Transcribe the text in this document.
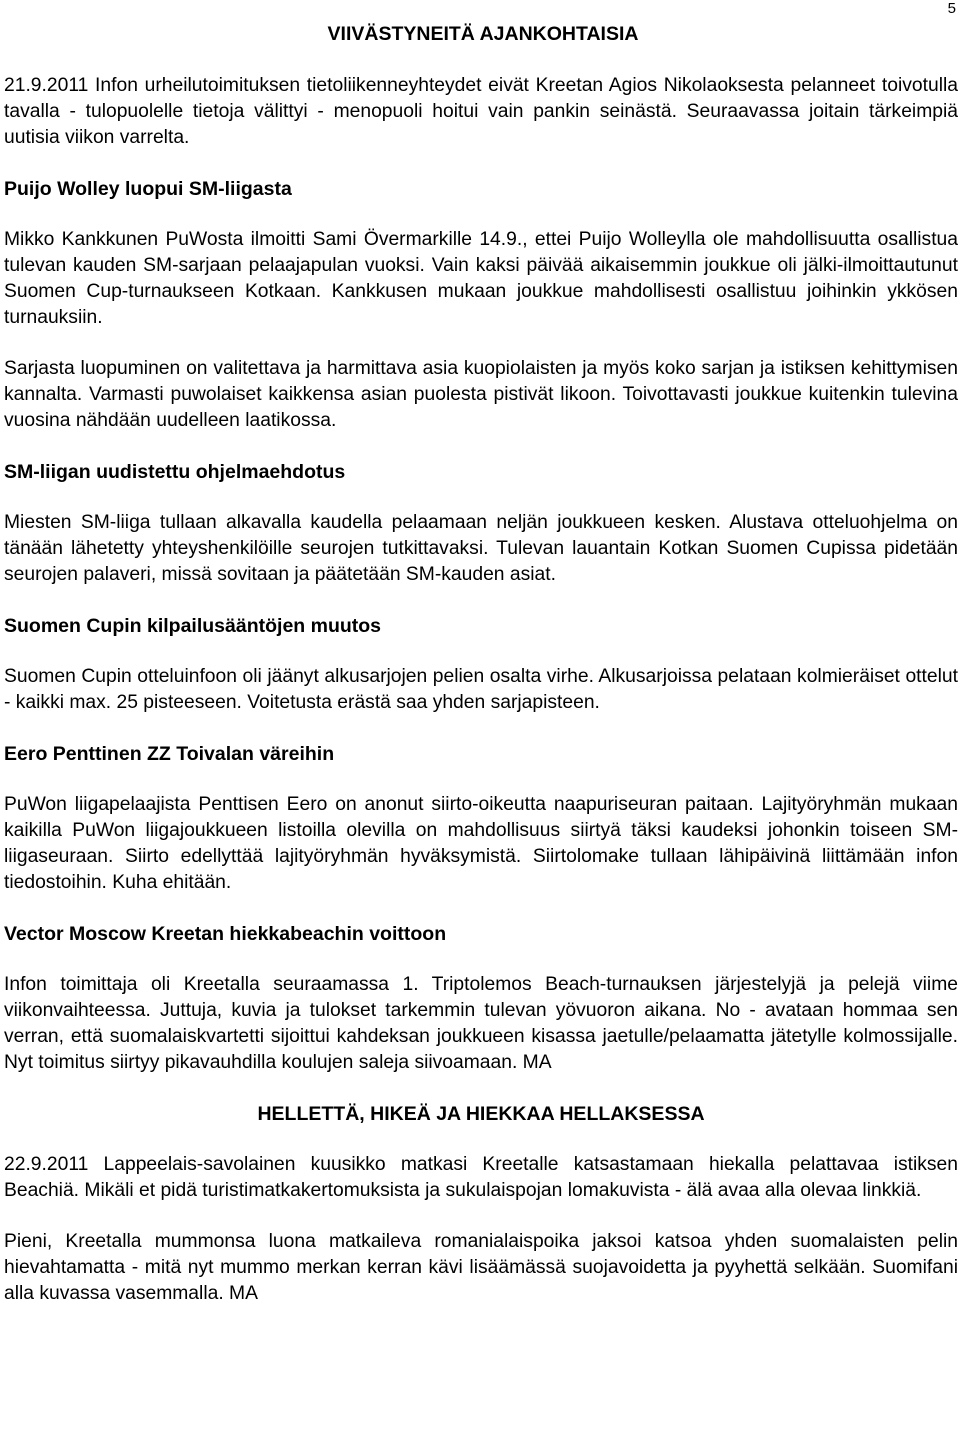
5
VIIVÄSTYNEITÄ AJANKOHTAISIA

21.9.2011 Infon urheilutoimituksen tietoliikenneyhteydet eivät Kreetan Agios Nikolaoksesta pelanneet toivotulla tavalla - tulopuolelle tietoja välittyi - menopuoli hoitui vain pankin seinästä. Seuraavassa joitain tärkeimpiä uutisia viikon varrelta.

Puijo Wolley luopui SM-liigasta

Mikko Kankkunen PuWosta ilmoitti Sami Övermarkille 14.9., ettei Puijo Wolleylla ole mahdollisuutta osallistua tulevan kauden SM-sarjaan pelaajapulan vuoksi. Vain kaksi päivää aikaisemmin joukkue oli jälki-ilmoittautunut Suomen Cup-turnaukseen Kotkaan. Kankkusen mukaan joukkue mahdollisesti osallistuu joihinkin ykkösen turnauksiin.

Sarjasta luopuminen on valitettava ja harmittava asia kuopiolaisten ja myös koko sarjan ja istiksen kehittymisen kannalta. Varmasti puwolaiset kaikkensa asian puolesta pistivät likoon. Toivottavasti joukkue kuitenkin tulevina vuosina nähdään uudelleen laatikossa.

SM-liigan uudistettu ohjelmaehdotus

Miesten SM-liiga tullaan alkavalla kaudella pelaamaan neljän joukkueen kesken. Alustava otteluohjelma on tänään lähetetty yhteyshenkilöille seurojen tutkittavaksi. Tulevan lauantain Kotkan Suomen Cupissa pidetään seurojen palaveri, missä sovitaan ja päätetään SM-kauden asiat.

Suomen Cupin kilpailusääntöjen muutos

Suomen Cupin otteluinfoon oli jäänyt alkusarjojen pelien osalta virhe. Alkusarjoissa pelataan kolmieräiset ottelut - kaikki max. 25 pisteeseen. Voitetusta erästä saa yhden sarjapisteen.

Eero Penttinen ZZ Toivalan väreihin

PuWon liigapelaajista Penttisen Eero on anonut siirto-oikeutta naapuriseuran paitaan. Lajityöryhmän mukaan kaikilla PuWon liigajoukkueen listoilla olevilla on mahdollisuus siirtyä täksi kaudeksi johonkin toiseen SM-liigaseuraan. Siirto edellyttää lajityöryhmän hyväksymistä. Siirtolomake tullaan lähipäivinä liittämään infon tiedostoihin. Kuha ehitään.

Vector Moscow Kreetan hiekkabeachin voittoon

Infon toimittaja oli Kreetalla seuraamassa 1. Triptolemos Beach-turnauksen järjestelyjä ja pelejä viime viikonvaihteessa. Juttuja, kuvia ja tulokset tarkemmin tulevan yövuoron aikana. No - avataan hommaa sen verran, että suomalaiskvartetti sijoittui kahdeksan joukkueen kisassa jaetulle/pelaamatta jätetylle kolmossijalle. Nyt toimitus siirtyy pikavauhdilla koulujen saleja siivoamaan. MA

HELLETTÄ, HIKEÄ JA HIEKKAA HELLAKSESSA

22.9.2011 Lappeelais-savolainen kuusikko matkasi Kreetalle katsastamaan hiekalla pelattavaa istiksen Beachiä. Mikäli et pidä turistimatkakertomuksista ja sukulaispojan lomakuvista - älä avaa alla olevaa linkkiä.

Pieni, Kreetalla mummonsa luona matkaileva romanialaispoika jaksoi katsoa yhden suomalaisten pelin hievahtamatta - mitä nyt mummo merkan kerran kävi lisäämässä suojavoidetta ja pyyhettä selkään. Suomifani alla kuvassa vasemmalla. MA
